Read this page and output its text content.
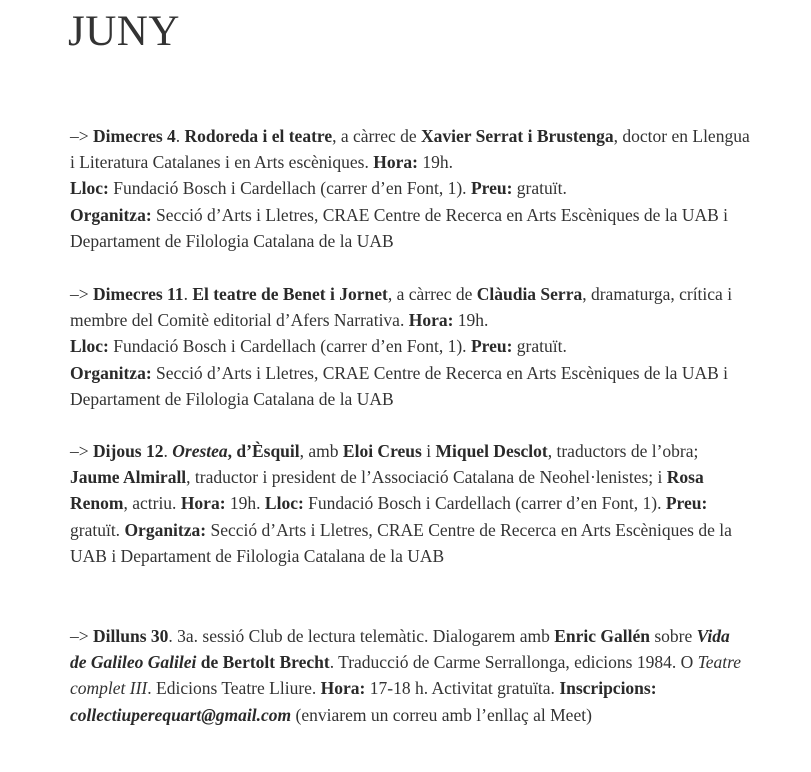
JUNY

–> Dimecres 4. Rodoreda i el teatre, a càrrec de Xavier Serrat i Brustenga, doctor en Llengua i Literatura Catalanes i en Arts escèniques. Hora: 19h.
Lloc: Fundació Bosch i Cardellach (carrer d’en Font, 1). Preu: gratuït.
Organitza: Secció d’Arts i Lletres, CRAE Centre de Recerca en Arts Escèniques de la UAB i Departament de Filologia Catalana de la UAB

–> Dimecres 11. El teatre de Benet i Jornet, a càrrec de Clàudia Serra, dramaturga, crítica i membre del Comitè editorial d’Afers Narrativa. Hora: 19h.
Lloc: Fundació Bosch i Cardellach (carrer d’en Font, 1). Preu: gratuït.
Organitza: Secció d’Arts i Lletres, CRAE Centre de Recerca en Arts Escèniques de la UAB i Departament de Filologia Catalana de la UAB

–> Dijous 12. Orestea, d’Èsquil, amb Eloi Creus i Miquel Desclot, traductors de l’obra; Jaume Almirall, traductor i president de l’Associació Catalana de Neohel·lenistes; i Rosa Renom, actriu. Hora: 19h. Lloc: Fundació Bosch i Cardellach (carrer d’en Font, 1). Preu: gratuït. Organitza: Secció d’Arts i Lletres, CRAE Centre de Recerca en Arts Escèniques de la UAB i Departament de Filologia Catalana de la UAB

–> Dilluns 30. 3a. sessió Club de lectura telemàtic. Dialogarem amb Enric Gallén sobre Vida de Galileo Galilei de Bertolt Brecht. Traducció de Carme Serrallonga, edicions 1984. O Teatre complet III. Edicions Teatre Lliure. Hora: 17-18 h. Activitat gratuïta. Inscripcions: collectiuperequart@gmail.com (enviarem un correu amb l’enllaç al Meet)
